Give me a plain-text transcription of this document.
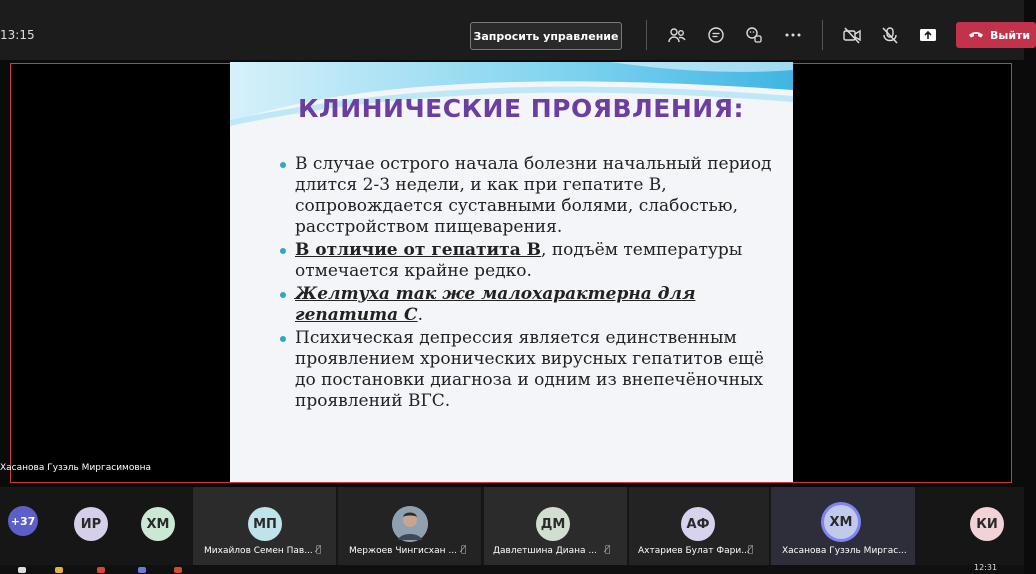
13:15	Запросить управление	Выйти
КЛИНИЧЕСКИЕ ПРОЯВЛЕНИЯ:
В случае острого начала болезни начальный период длится 2-3 недели, и как при гепатите В, сопровождается суставными болями, слабостью, расстройством пищеварения.
В отличие от гепатита В, подъём температуры отмечается крайне редко.
Желтуха так же малохарактерна для гепатита С.
Психическая депрессия является единственным проявлением хронических вирусных гепатитов ещё до постановки диагноза и одним из внепечёночных проявлений ВГС.
Хасанова Гузэль Миргасимовна
+37	ИР	ХМ	МП
Михайлов Семен Пав... 🎙̸	Мержоев Чингисхан ... 🎙̸
ДМ
Давлетшина Диана ... 🎙̸
АФ
Ахтариев Булат Фари...
🎙̸
ХМ
Хасанова Гузэль Миргас...
КИ
12:31
